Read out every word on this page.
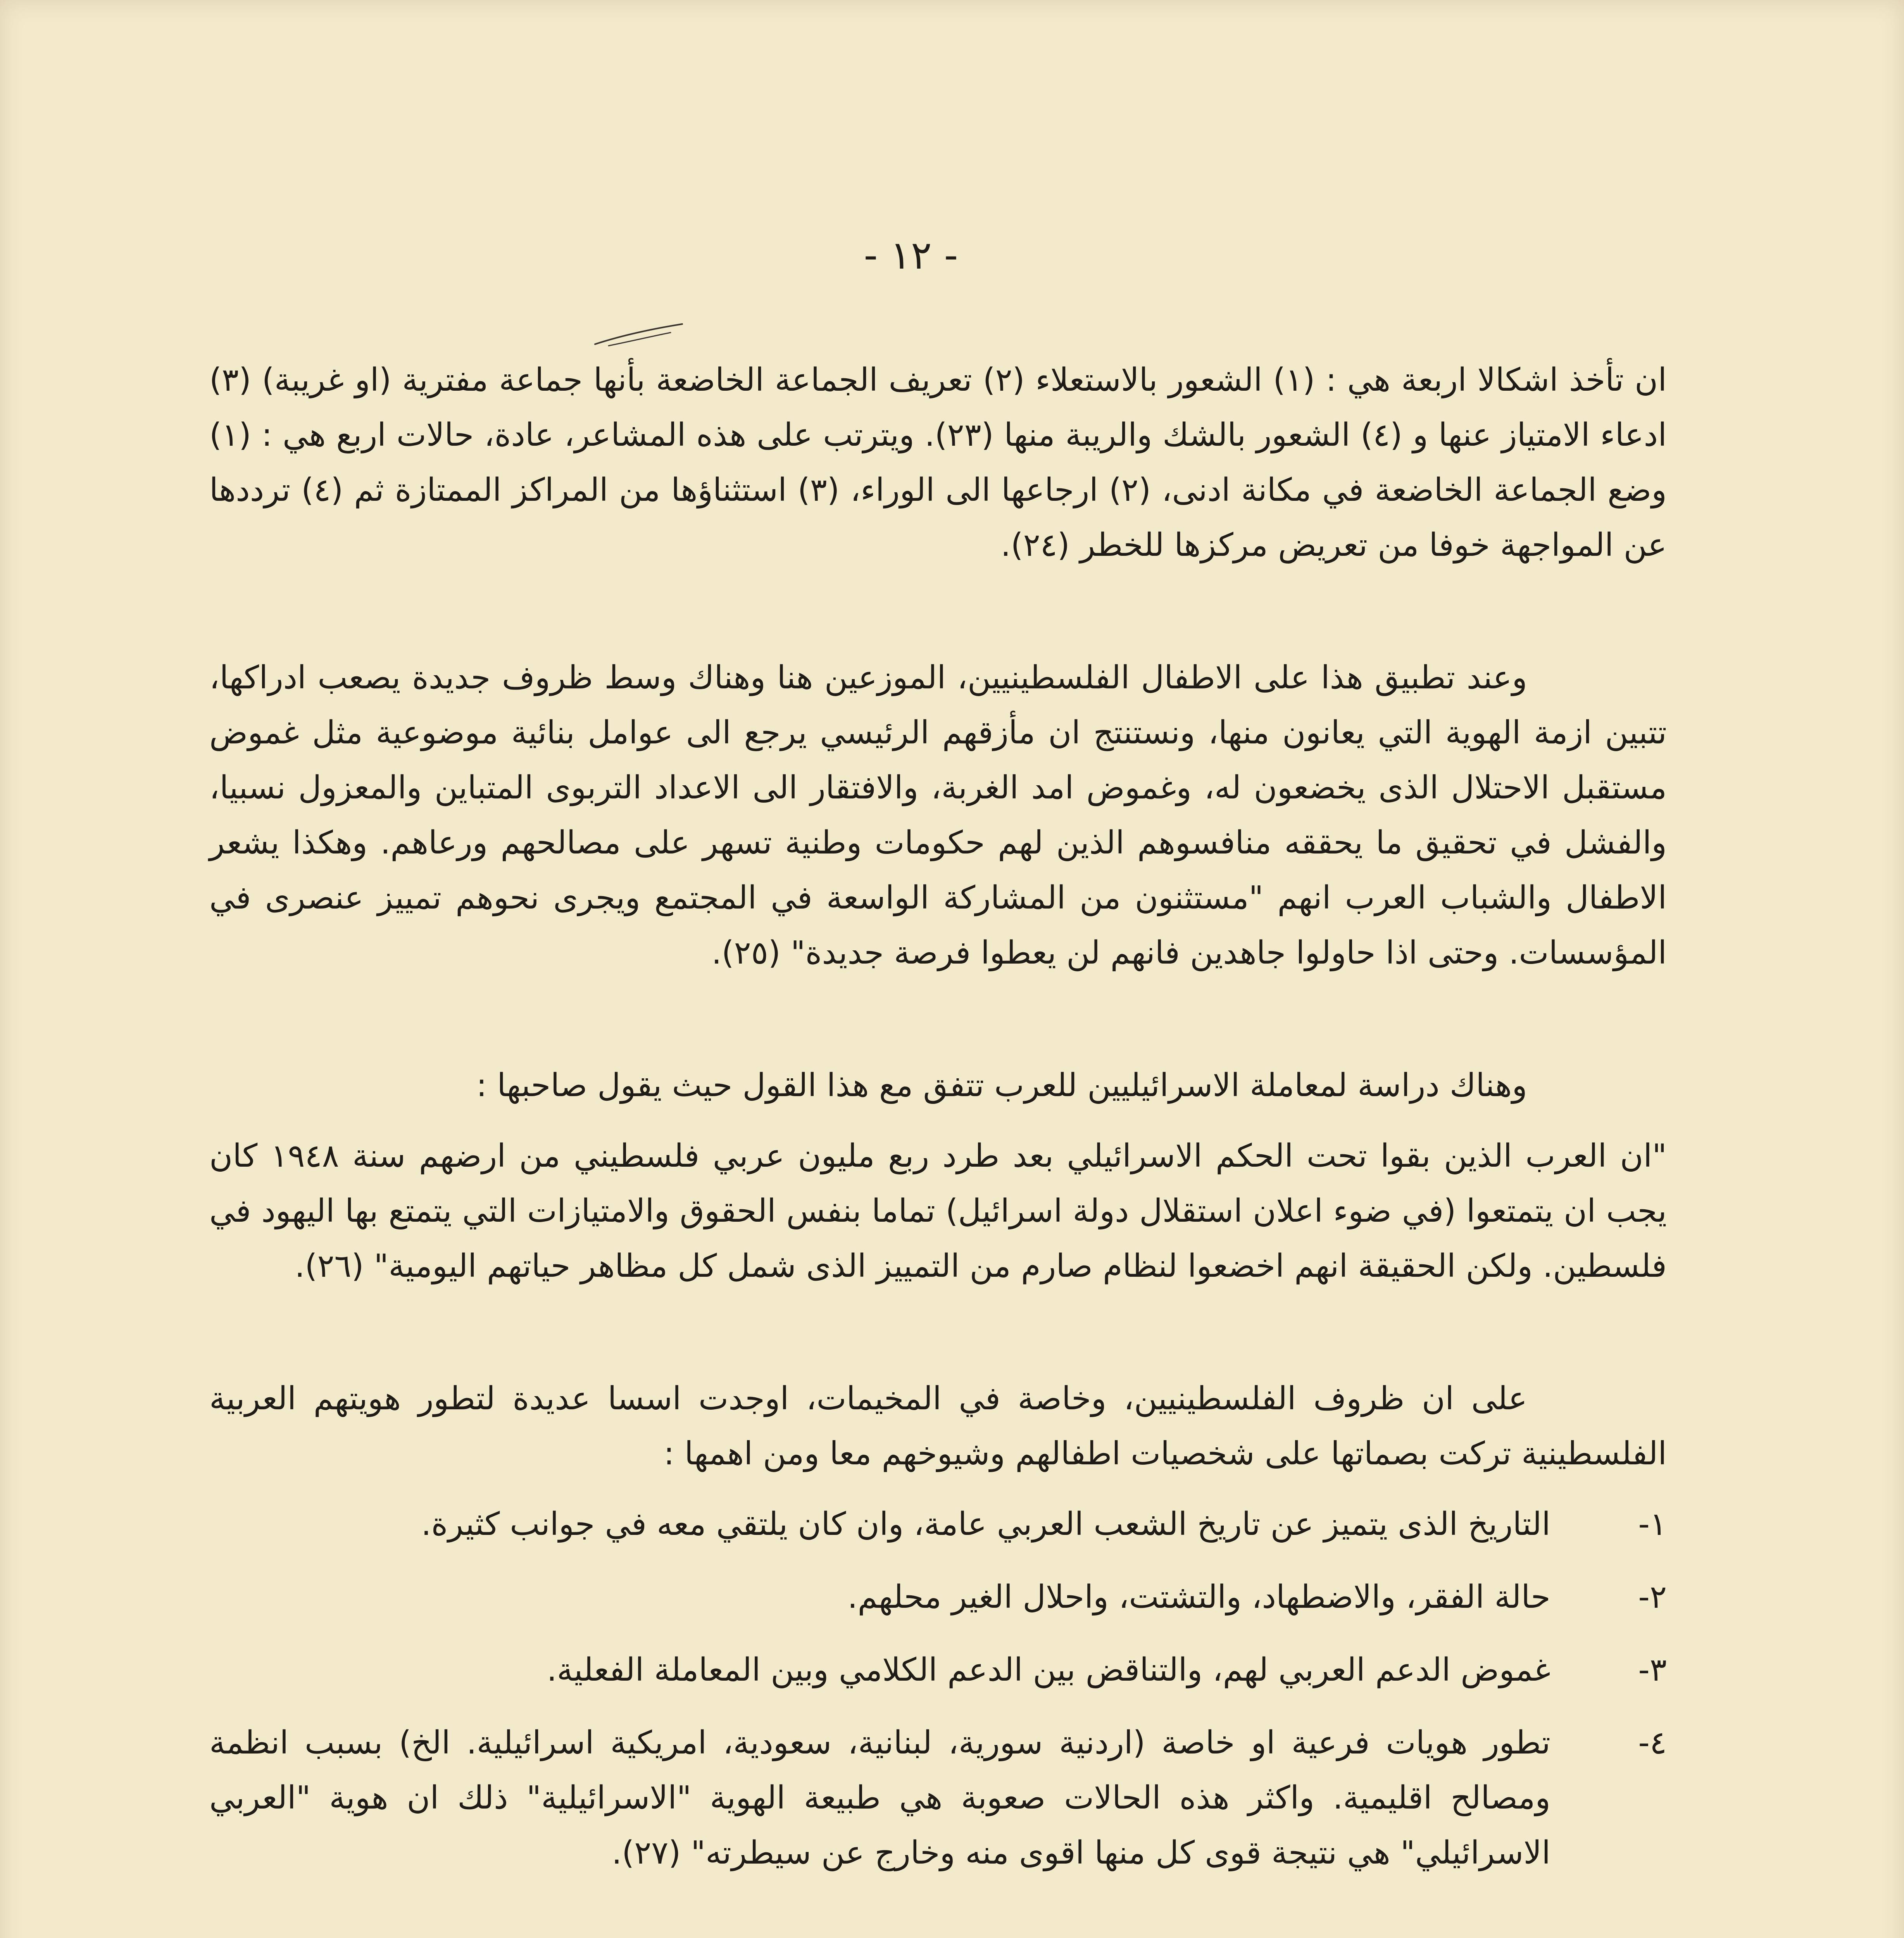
- ١٢ -

ان تأخذ اشكالا اربعة هي : (١) الشعور بالاستعلاء (٢) تعريف الجماعة الخاضعة بأنها جماعة مفترية (او غريبة) (٣) ادعاء الامتياز عنها و (٤) الشعور بالشك والريبة منها (٢٣). ويترتب على هذه المشاعر، عادة، حالات اربع هي : (١) وضع الجماعة الخاضعة في مكانة ادنى، (٢) ارجاعها الى الوراء، (٣) استثناؤها من المراكز الممتازة ثم (٤) ترددها عن المواجهة خوفا من تعريض مركزها للخطر (٢٤).

وعند تطبيق هذا على الاطفال الفلسطينيين، الموزعين هنا وهناك وسط ظروف جديدة يصعب ادراكها، تتبين ازمة الهوية التي يعانون منها، ونستنتج ان مأزقهم الرئيسي يرجع الى عوامل بنائية موضوعية مثل غموض مستقبل الاحتلال الذى يخضعون له، وغموض امد الغربة، والافتقار الى الاعداد التربوى المتباين والمعزول نسبيا، والفشل في تحقيق ما يحققه منافسوهم الذين لهم حكومات وطنية تسهر على مصالحهم ورعاهم. وهكذا يشعر الاطفال والشباب العرب انهم "مستثنون من المشاركة الواسعة في المجتمع ويجرى نحوهم تمييز عنصرى في المؤسسات. وحتى اذا حاولوا جاهدين فانهم لن يعطوا فرصة جديدة" (٢٥).

وهناك دراسة لمعاملة الاسرائيليين للعرب تتفق مع هذا القول حيث يقول صاحبها :

"ان العرب الذين بقوا تحت الحكم الاسرائيلي بعد طرد ربع مليون عربي فلسطيني من ارضهم سنة ١٩٤٨ كان يجب ان يتمتعوا (في ضوء اعلان استقلال دولة اسرائيل) تماما بنفس الحقوق والامتيازات التي يتمتع بها اليهود في فلسطين. ولكن الحقيقة انهم اخضعوا لنظام صارم من التمييز الذى شمل كل مظاهر حياتهم اليومية" (٢٦).

على ان ظروف الفلسطينيين، وخاصة في المخيمات، اوجدت اسسا عديدة لتطور هويتهم العربية الفلسطينية تركت بصماتها على شخصيات اطفالهم وشيوخهم معا ومن اهمها :

١-
التاريخ الذى يتميز عن تاريخ الشعب العربي عامة، وان كان يلتقي معه في جوانب كثيرة.
٢-
حالة الفقر، والاضطهاد، والتشتت، واحلال الغير محلهم.
٣-
غموض الدعم العربي لهم، والتناقض بين الدعم الكلامي وبين المعاملة الفعلية.
٤-
تطور هويات فرعية او خاصة (اردنية سورية، لبنانية، سعودية، امريكية اسرائيلية. الخ) بسبب انظمة ومصالح اقليمية. واكثر هذه الحالات صعوبة هي طبيعة الهوية "الاسرائيلية" ذلك ان هوية "العربي الاسرائيلي" هي نتيجة قوى كل منها اقوى منه وخارج عن سيطرته" (٢٧).
